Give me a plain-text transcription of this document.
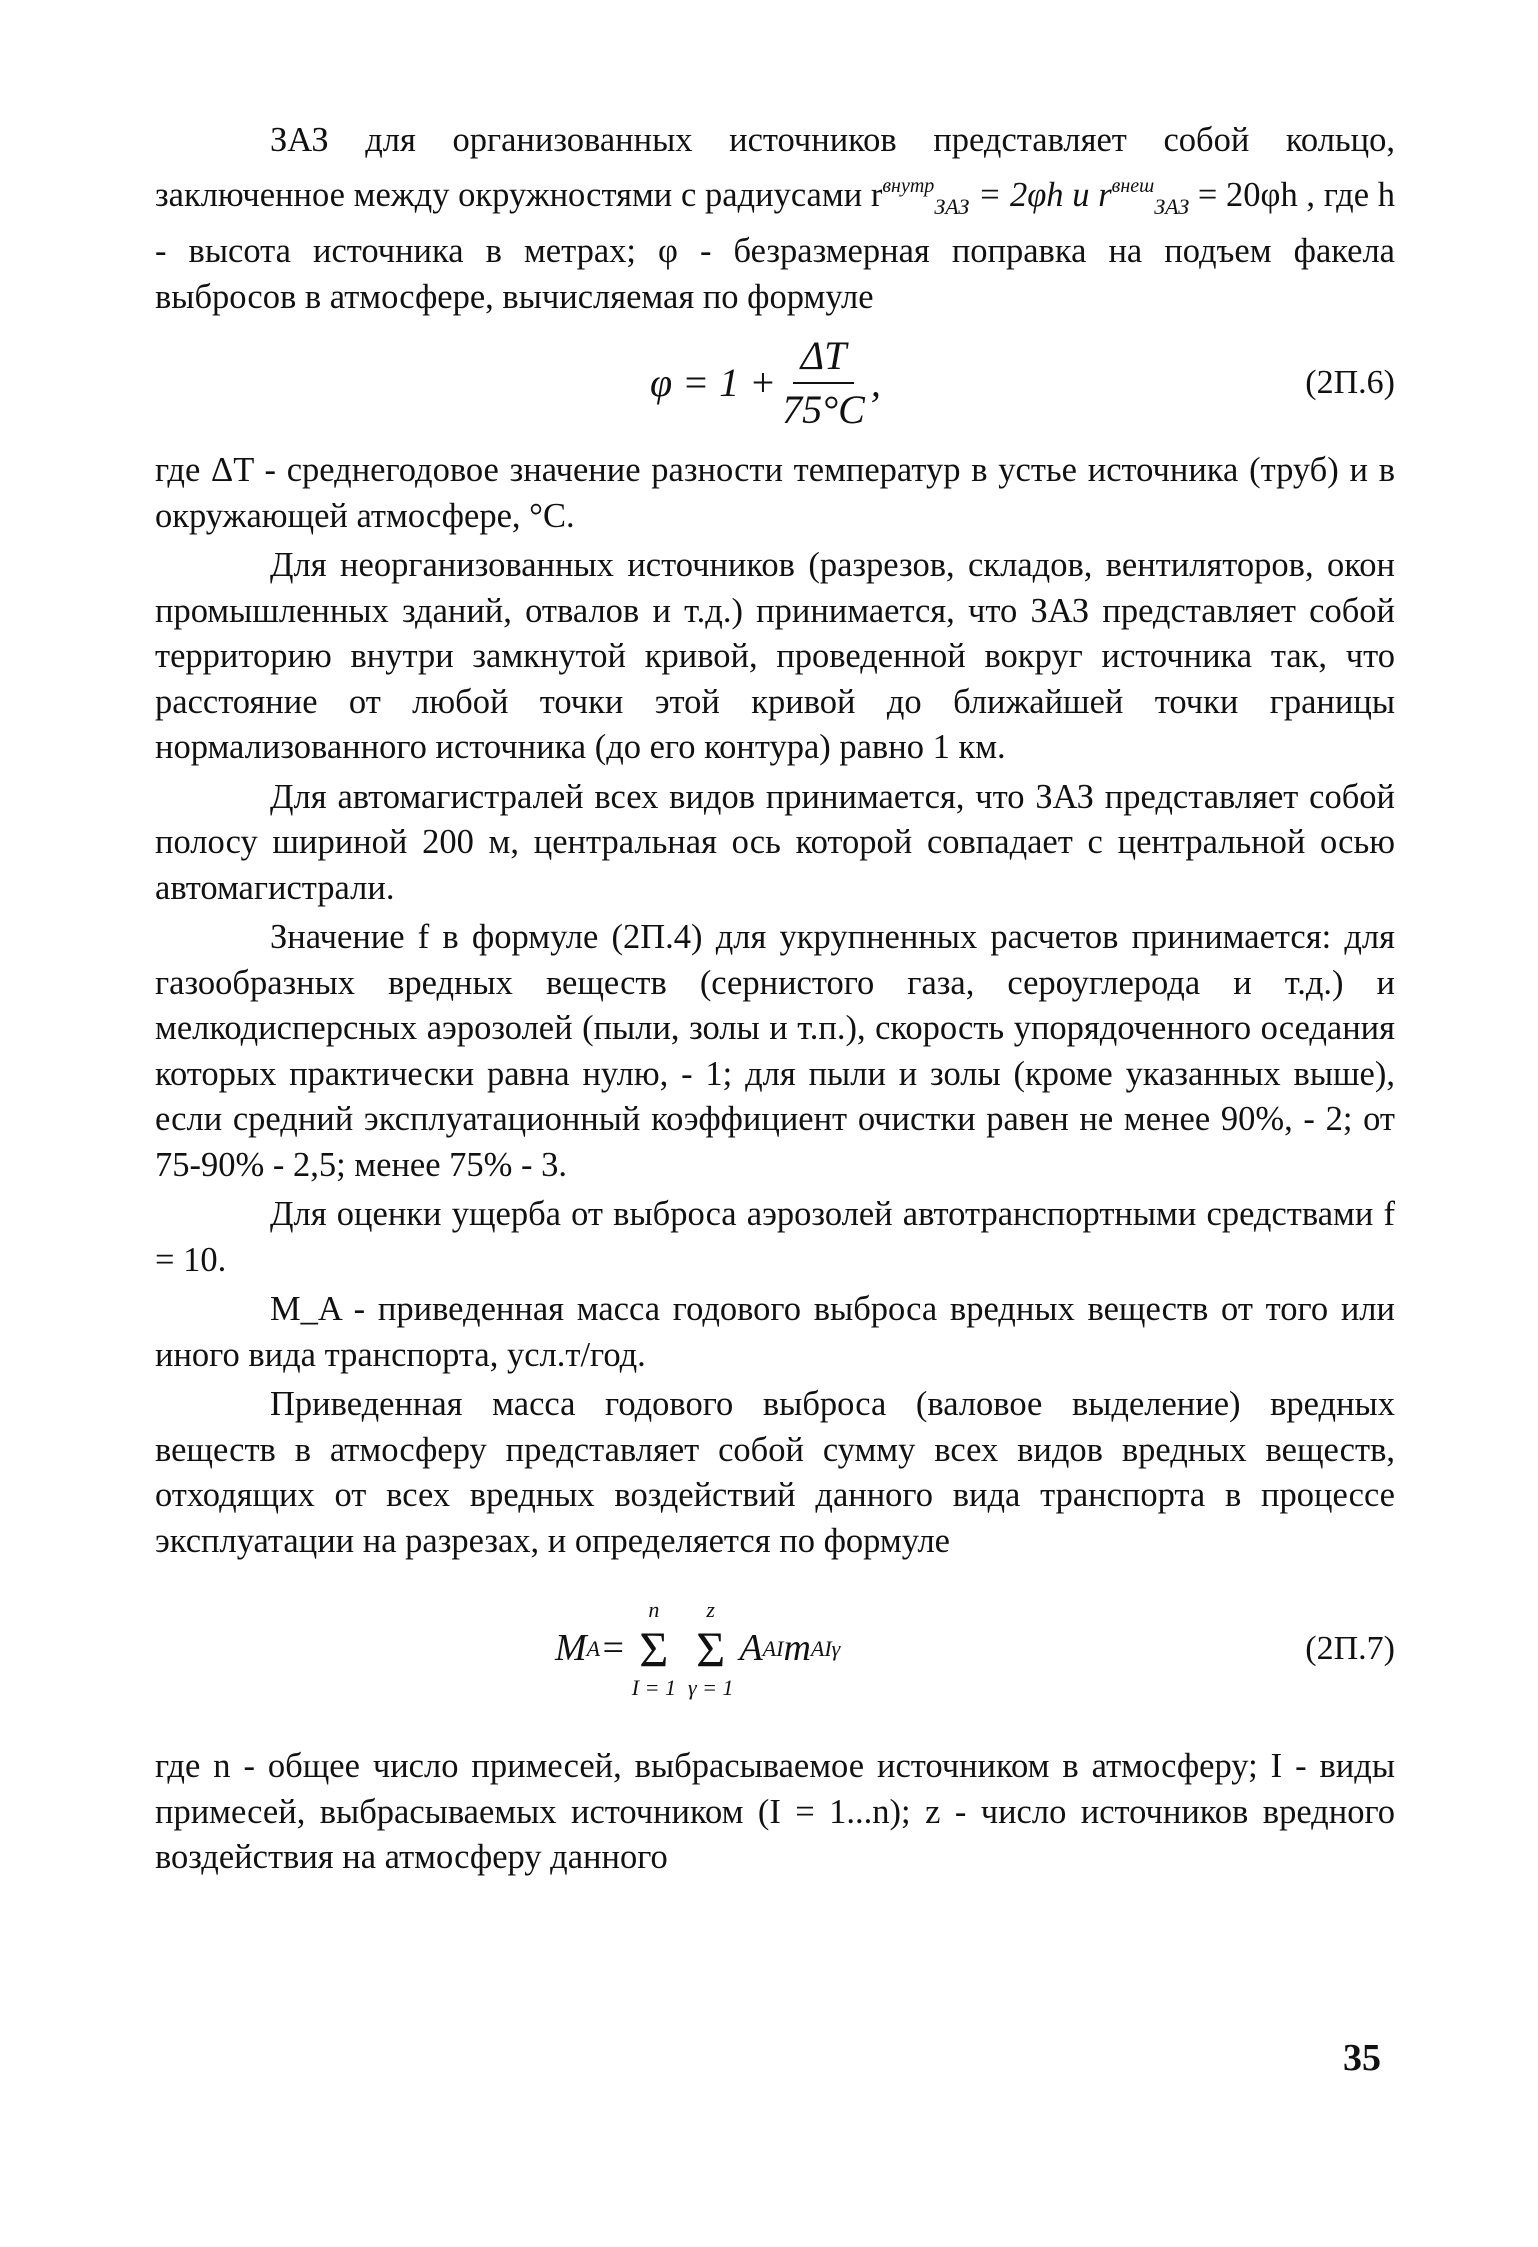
ЗАЗ для организованных источников представляет собой кольцо, заключенное между окружностями с радиусами $r^{внутр}_{ЗАЗ} = 2\varphi h$ и $r^{внеш}_{ЗАЗ} = 20\varphi h$ , где h - высота источника в метрах; φ - безразмерная поправка на подъем факела выбросов в атмосфере, вычисляемая по формуле

$\varphi = 1 + \frac{\Delta T}{75^\circ C}$ ,	(2П.6)

где ΔT - среднегодовое значение разности температур в устье источника (труб) и в окружающей атмосфере, °С.

Для неорганизованных источников (разрезов, складов, вентиляторов, окон промышленных зданий, отвалов и т.д.) принимается, что ЗАЗ представляет собой территорию внутри замкнутой кривой, проведенной вокруг источника так, что расстояние от любой точки этой кривой до ближайшей точки границы нормализованного источника (до его контура) равно 1 км.

Для автомагистралей всех видов принимается, что ЗАЗ представляет собой полосу шириной 200 м, центральная ось которой совпадает с центральной осью автомагистрали.

Значение f в формуле (2П.4) для укрупненных расчетов принимается: для газообразных вредных веществ (сернистого газа, сероуглерода и т.д.) и мелкодисперсных аэрозолей (пыли, золы и т.п.), скорость упорядоченного оседания которых практически равна нулю, - 1; для пыли и золы (кроме указанных выше), если средний эксплуатационный коэффициент очистки равен не менее 90%, - 2; от 75-90% - 2,5; менее 75% - 3.

Для оценки ущерба от выброса аэрозолей автотранспортными средствами f = 10.

M_A - приведенная масса годового выброса вредных веществ от того или иного вида транспорта, усл.т/год.

Приведенная масса годового выброса (валовое выделение) вредных веществ в атмосферу представляет собой сумму всех видов вредных веществ, отходящих от всех вредных воздействий данного вида транспорта в процессе эксплуатации на разрезах, и определяется по формуле

M A =
n
Σ
I = 1
z
Σ
γ = 1
A AI m AIγ	(2П.7)

где n - общее число примесей, выбрасываемое источником в атмосферу; I - виды примесей, выбрасываемых источником (I = 1...n); z - число источников вредного воздействия на атмосферу данного

35
